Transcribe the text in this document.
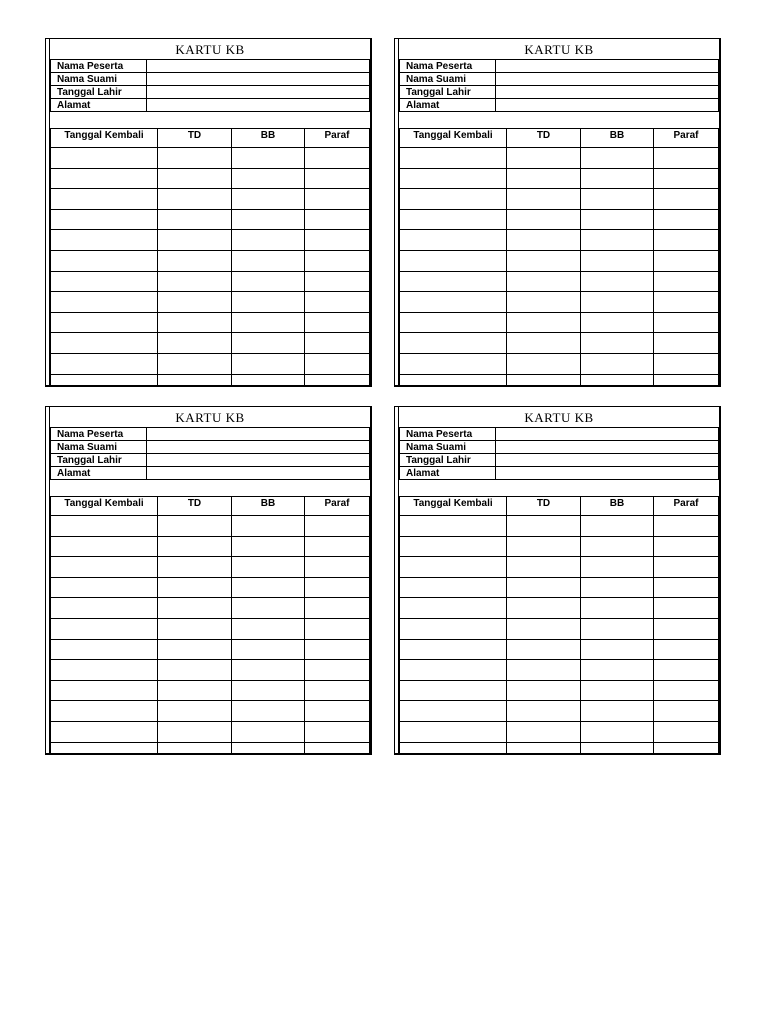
KARTU KB
Nama Peserta	
Nama Suami	
Tanggal Lahir	
Alamat	
Tanggal Kembali	TD	BB	Paraf

KARTU KB
Nama Peserta	
Nama Suami	
Tanggal Lahir	
Alamat	
Tanggal Kembali	TD	BB	Paraf

KARTU KB
Nama Peserta	
Nama Suami	
Tanggal Lahir	
Alamat	
Tanggal Kembali	TD	BB	Paraf

KARTU KB
Nama Peserta	
Nama Suami	
Tanggal Lahir	
Alamat	
Tanggal Kembali	TD	BB	Paraf
